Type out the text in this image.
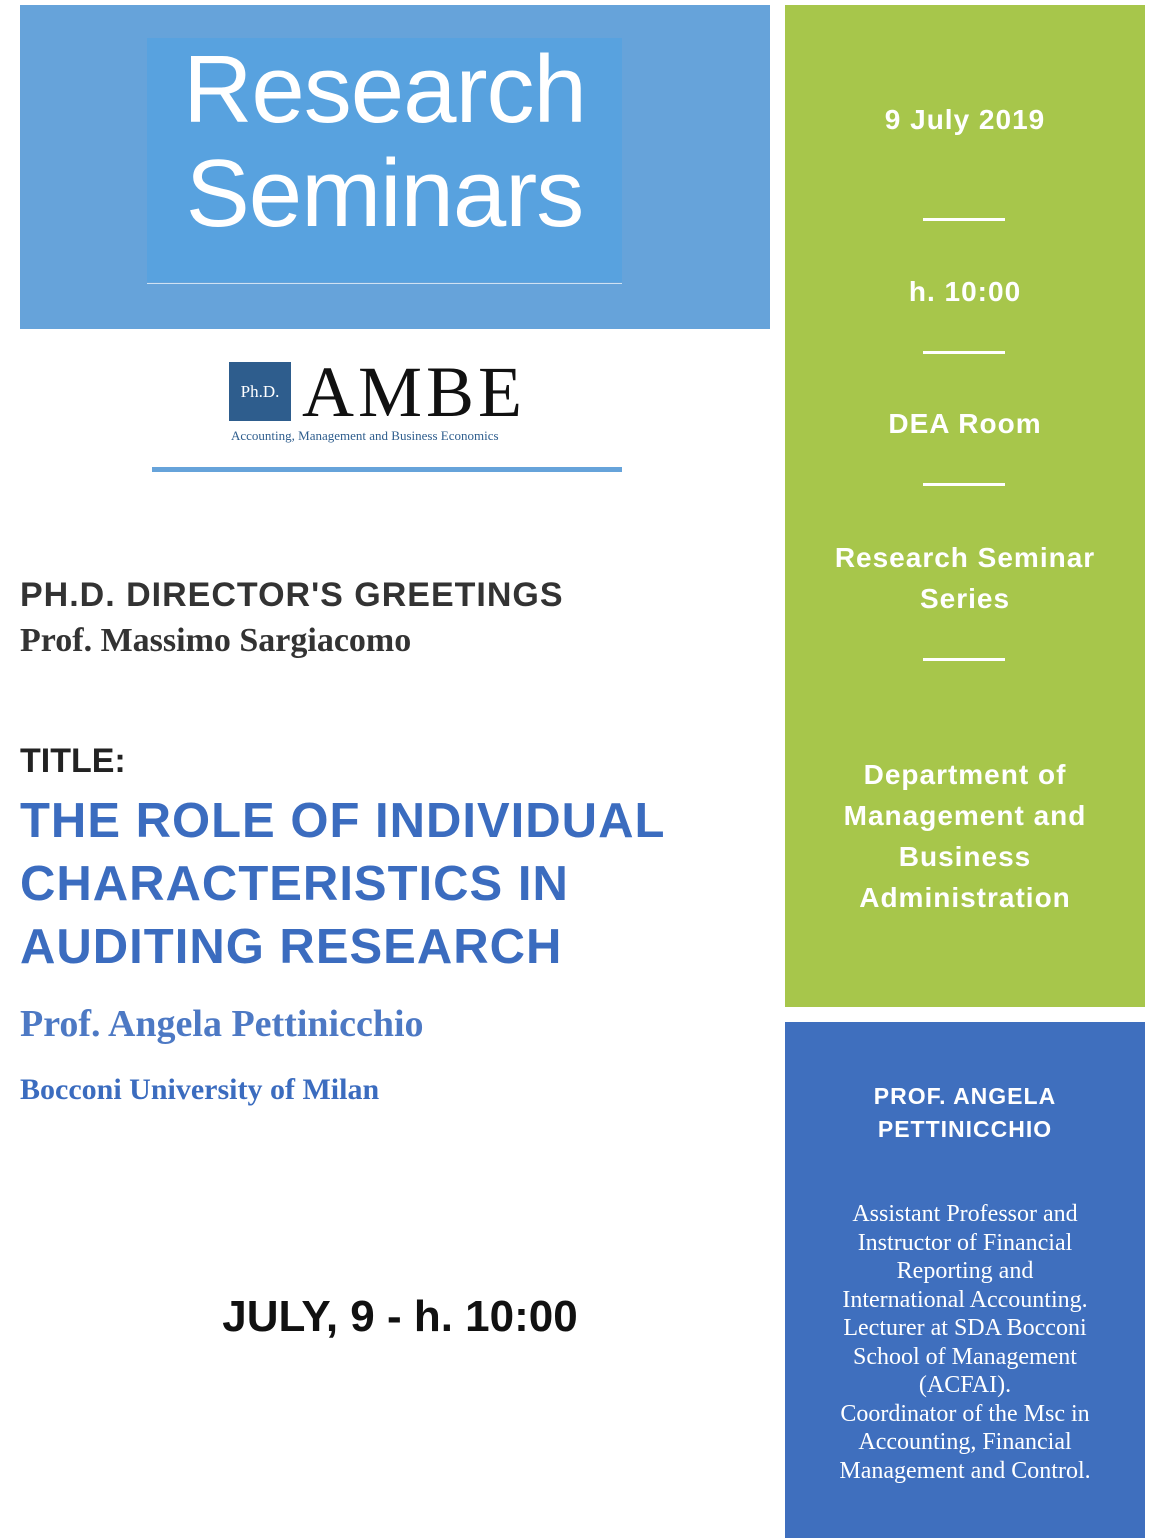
Research
Seminars
Ph.D. AMBE
Accounting, Management and Business Economics
PH.D. DIRECTOR'S GREETINGS
Prof. Massimo Sargiacomo
TITLE:
THE ROLE OF INDIVIDUAL
CHARACTERISTICS IN
AUDITING RESEARCH
Prof. Angela Pettinicchio
Bocconi University of Milan
JULY, 9 - h. 10:00
9 July 2019
h. 10:00
DEA Room
Research Seminar
Series
Department of
Management and
Business
Administration
PROF. ANGELA
PETTINICCHIO
Assistant Professor and
Instructor of Financial
Reporting and
International Accounting.
Lecturer at SDA Bocconi
School of Management
(ACFAI).
Coordinator of the Msc in
Accounting, Financial
Management and Control.
